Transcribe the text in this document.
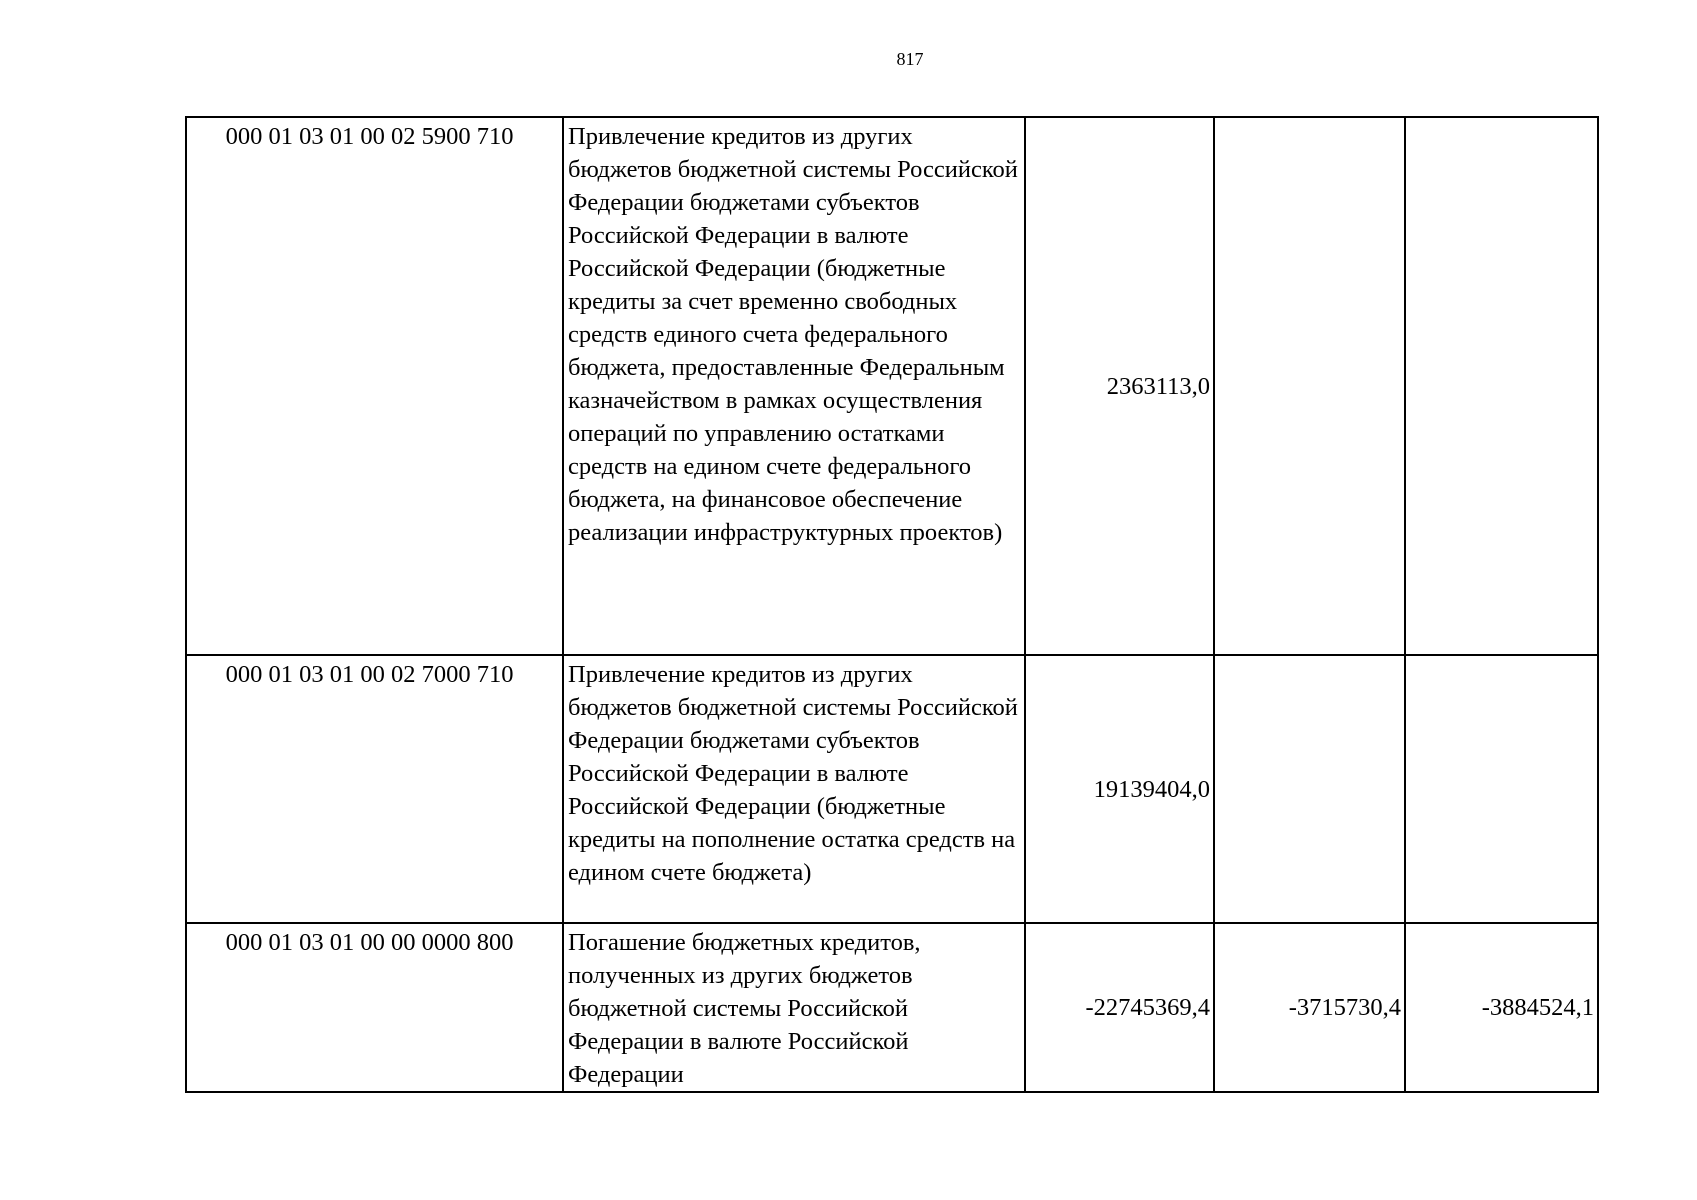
817
000 01 03 01 00 02 5900 710	Привлечение кредитов из других бюджетов бюджетной системы Российской Федерации бюджетами субъектов Российской Федерации в валюте Российской Федерации (бюджетные кредиты за счет временно свободных средств единого счета федерального бюджета, предоставленные Федеральным казначейством в рамках осуществления операций по управлению остатками средств на едином счете федерального бюджета, на финансовое обеспечение реализации инфраструктурных проектов)	2363113,0		
000 01 03 01 00 02 7000 710	Привлечение кредитов из других бюджетов бюджетной системы Российской Федерации бюджетами субъектов Российской Федерации в валюте Российской Федерации (бюджетные кредиты на пополнение остатка средств на едином счете бюджета)	19139404,0		
000 01 03 01 00 00 0000 800	Погашение бюджетных кредитов, полученных из других бюджетов бюджетной системы Российской Федерации в валюте Российской Федерации	-22745369,4	-3715730,4	-3884524,1
